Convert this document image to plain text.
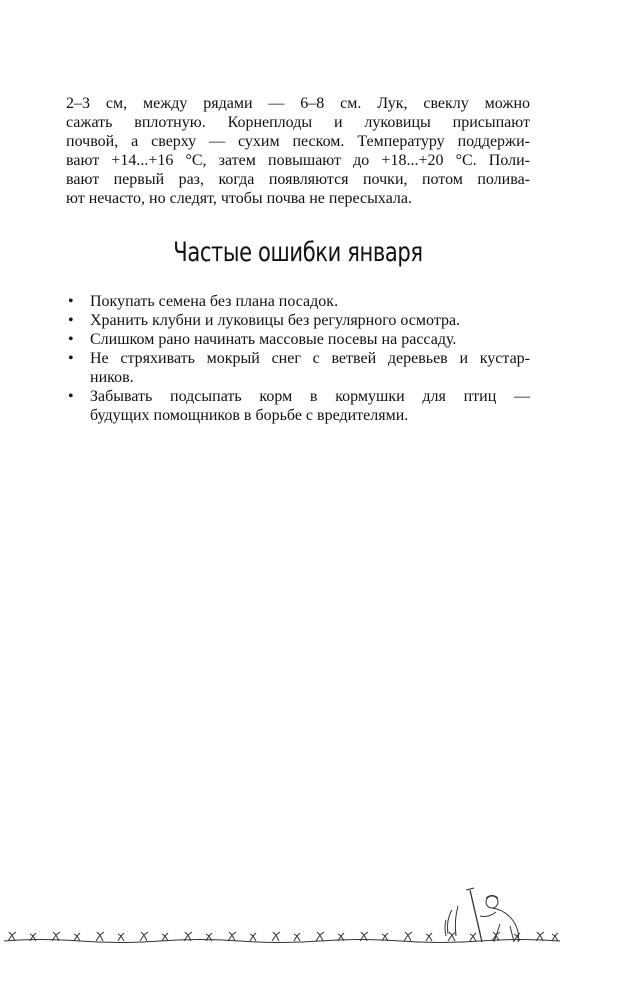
2–3 см, между рядами — 6–8 см. Лук, свеклу можно
сажать вплотную. Корнеплоды и луковицы присыпают
почвой, а сверху — сухим песком. Температуру поддержи-
вают +14...+16 °С, затем повышают до +18...+20 °С. Поли-
вают первый раз, когда появляются почки, потом полива-
ют нечасто, но следят, чтобы почва не пересыхала.

Частые ошибки января
• Покупать семена без плана посадок.
• Хранить клубни и луковицы без регулярного осмотра.
• Слишком рано начинать массовые посевы на рассаду.
• Не стряхивать мокрый снег с ветвей деревьев и кустар-
ников.
• Забывать подсыпать корм в кормушки для птиц —
будущих помощников в борьбе с вредителями.
